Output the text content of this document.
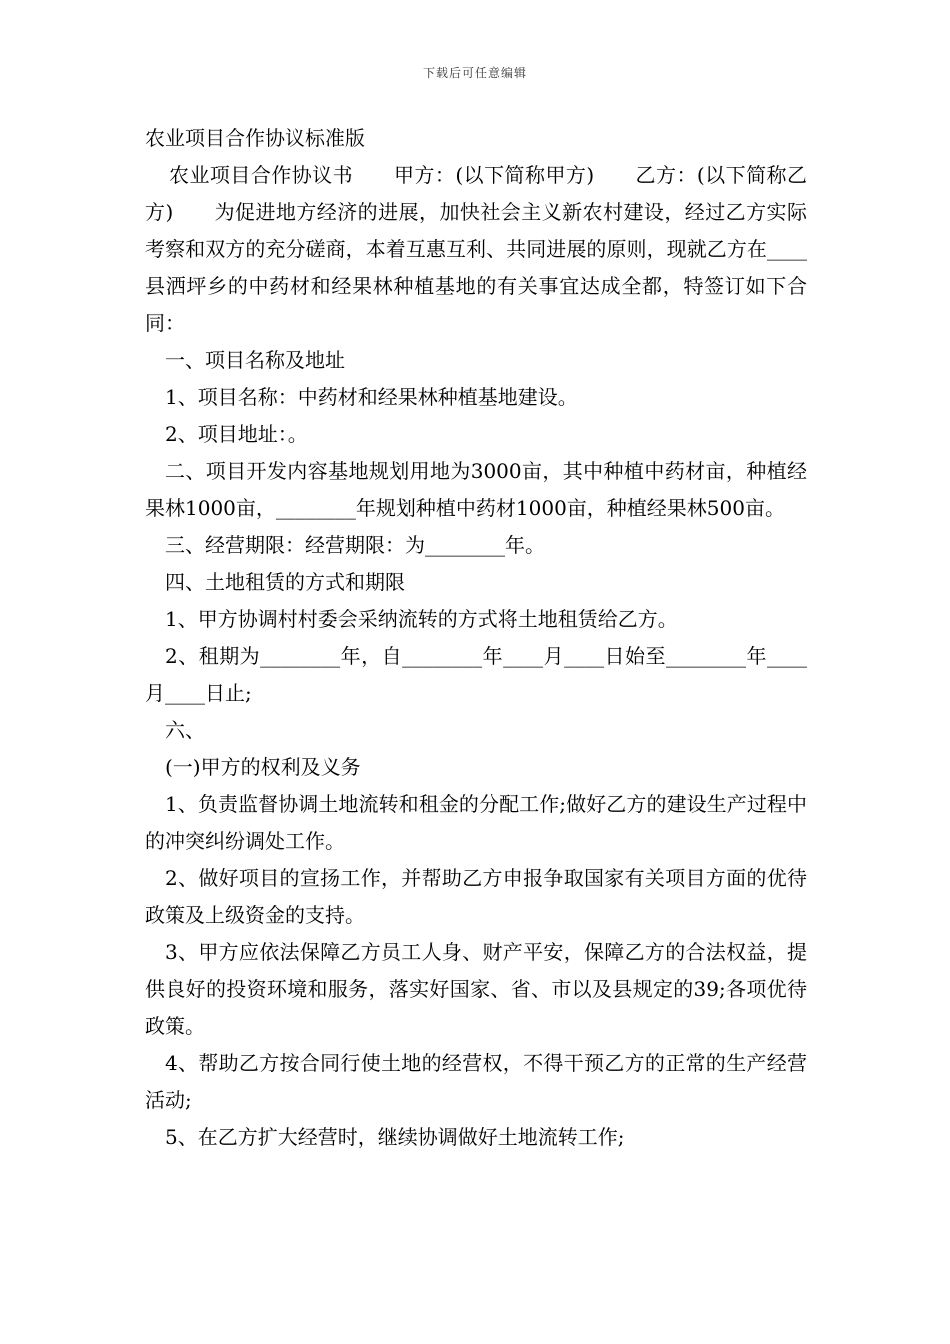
下载后可任意编辑

农业项目合作协议标准版

农业项目合作协议书　　甲方：(以下简称甲方)　　乙方：(以下简称乙方)　　为促进地方经济的进展，加快社会主义新农村建设，经过乙方实际考察和双方的充分磋商，本着互惠互利、共同进展的原则，现就乙方在____县洒坪乡的中药材和经果林种植基地的有关事宜达成全都，特签订如下合同：

一、项目名称及地址

1、项目名称：中药材和经果林种植基地建设。

2、项目地址：。

二、项目开发内容基地规划用地为3000亩，其中种植中药材亩，种植经果林1000亩，________年规划种植中药材1000亩，种植经果林500亩。

三、经营期限：经营期限：为________年。

四、土地租赁的方式和期限

1、甲方协调村村委会采纳流转的方式将土地租赁给乙方。

2、租期为________年，自________年____月____日始至________年____月____日止;

六、

(一)甲方的权利及义务

1、负责监督协调土地流转和租金的分配工作;做好乙方的建设生产过程中的冲突纠纷调处工作。

2、做好项目的宣扬工作，并帮助乙方申报争取国家有关项目方面的优待政策及上级资金的支持。

3、甲方应依法保障乙方员工人身、财产平安，保障乙方的合法权益，提供良好的投资环境和服务，落实好国家、省、市以及县规定的39;各项优待政策。

4、帮助乙方按合同行使土地的经营权，不得干预乙方的正常的生产经营活动;

5、在乙方扩大经营时，继续协调做好土地流转工作;
